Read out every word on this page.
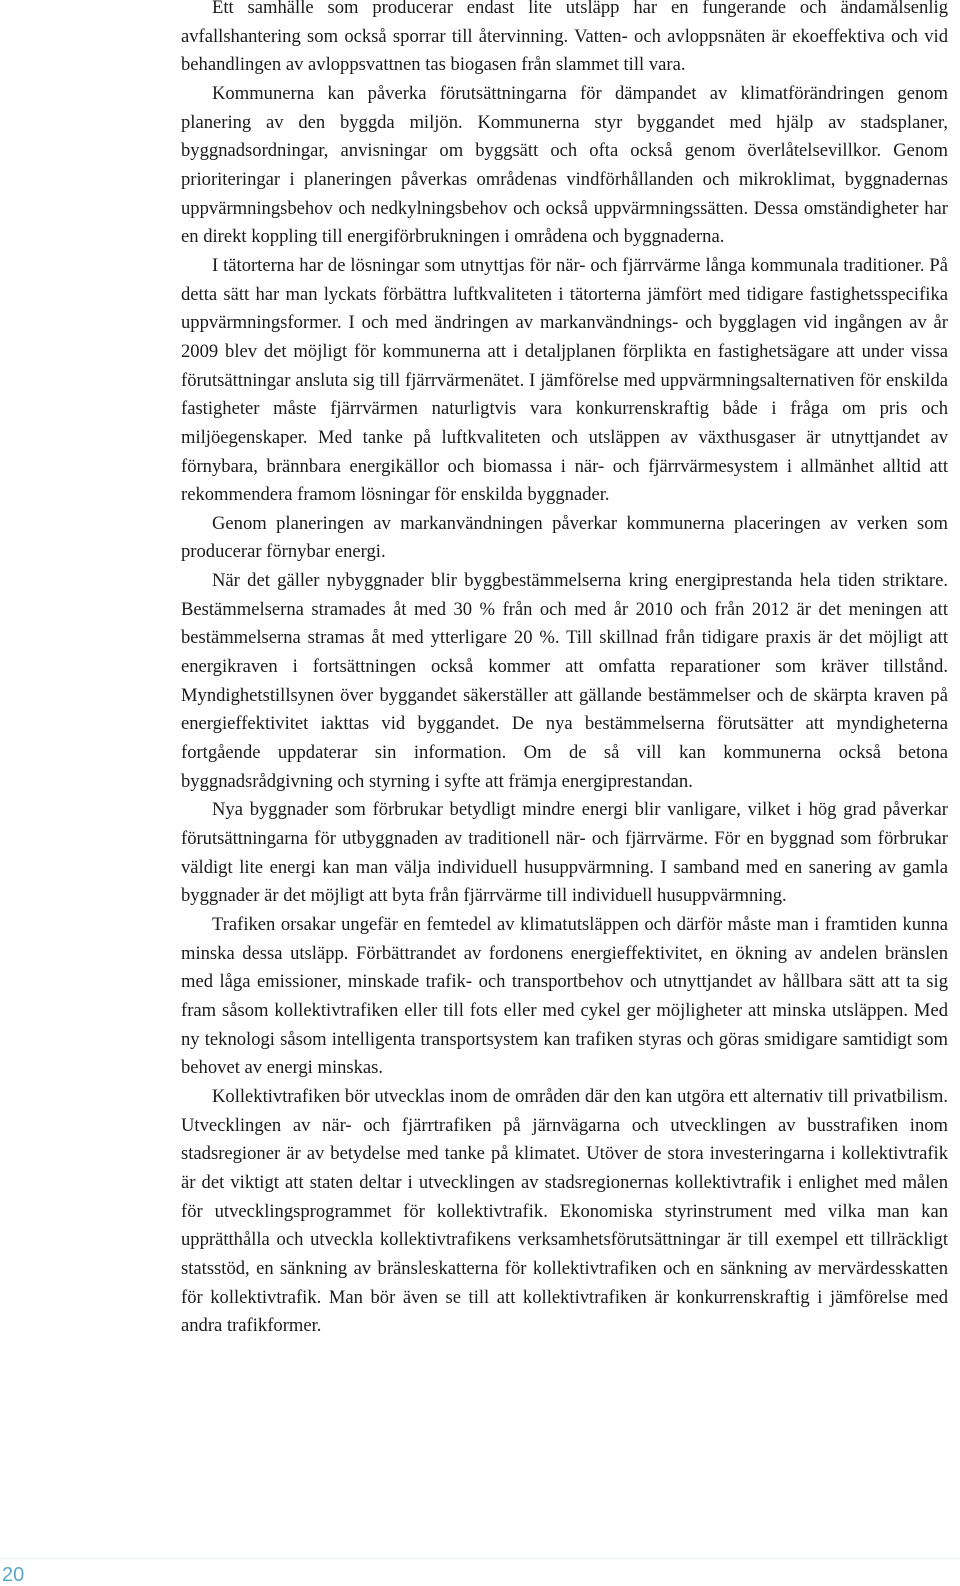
Ett samhälle som producerar endast lite utsläpp har en fungerande och ändamålsenlig avfallshantering som också sporrar till återvinning. Vatten- och avloppsnäten är ekoeffektiva och vid behandlingen av avloppsvattnen tas biogasen från slammet till vara.

Kommunerna kan påverka förutsättningarna för dämpandet av klimatförändringen genom planering av den byggda miljön. Kommunerna styr byggandet med hjälp av stadsplaner, byggnadsordningar, anvisningar om byggsätt och ofta också genom överlåtelsevillkor. Genom prioriteringar i planeringen påverkas områdenas vindförhållanden och mikroklimat, byggnadernas uppvärmningsbehov och nedkylningsbehov och också uppvärmningssätten. Dessa omständigheter har en direkt koppling till energiförbrukningen i områdena och byggnaderna.

I tätorterna har de lösningar som utnyttjas för när- och fjärrvärme långa kommunala traditioner. På detta sätt har man lyckats förbättra luftkvaliteten i tätorterna jämfört med tidigare fastighetsspecifika uppvärmningsformer. I och med ändringen av markanvändnings- och bygglagen vid ingången av år 2009 blev det möjligt för kommunerna att i detaljplanen förplikta en fastighetsägare att under vissa förutsättningar ansluta sig till fjärrvärmenätet. I jämförelse med uppvärmningsalternativen för enskilda fastigheter måste fjärrvärmen naturligtvis vara konkurrenskraftig både i fråga om pris och miljöegenskaper. Med tanke på luftkvaliteten och utsläppen av växthusgaser är utnyttjandet av förnybara, brännbara energikällor och biomassa i när- och fjärrvärmesystem i allmänhet alltid att rekommendera framom lösningar för enskilda byggnader.

Genom planeringen av markanvändningen påverkar kommunerna placeringen av verken som producerar förnybar energi.

När det gäller nybyggnader blir byggbestämmelserna kring energiprestanda hela tiden striktare. Bestämmelserna stramades åt med 30 % från och med år 2010 och från 2012 är det meningen att bestämmelserna stramas åt med ytterligare 20 %. Till skillnad från tidigare praxis är det möjligt att energikraven i fortsättningen också kommer att omfatta reparationer som kräver tillstånd. Myndighetstillsynen över byggandet säkerställer att gällande bestämmelser och de skärpta kraven på energieffektivitet iakttas vid byggandet. De nya bestämmelserna förutsätter att myndigheterna fortgående uppdaterar sin information. Om de så vill kan kommunerna också betona byggnadsrådgivning och styrning i syfte att främja energiprestandan.

Nya byggnader som förbrukar betydligt mindre energi blir vanligare, vilket i hög grad påverkar förutsättningarna för utbyggnaden av traditionell när- och fjärrvärme. För en byggnad som förbrukar väldigt lite energi kan man välja individuell husuppvärmning. I samband med en sanering av gamla byggnader är det möjligt att byta från fjärrvärme till individuell husuppvärmning.

Trafiken orsakar ungefär en femtedel av klimatutsläppen och därför måste man i framtiden kunna minska dessa utsläpp. Förbättrandet av fordonens energieffektivitet, en ökning av andelen bränslen med låga emissioner, minskade trafik- och transportbehov och utnyttjandet av hållbara sätt att ta sig fram såsom kollektivtrafiken eller till fots eller med cykel ger möjligheter att minska utsläppen. Med ny teknologi såsom intelligenta transportsystem kan trafiken styras och göras smidigare samtidigt som behovet av energi minskas.

Kollektivtrafiken bör utvecklas inom de områden där den kan utgöra ett alternativ till privatbilism. Utvecklingen av när- och fjärrtrafiken på järnvägarna och utvecklingen av busstrafiken inom stadsregioner är av betydelse med tanke på klimatet. Utöver de stora investeringarna i kollektivtrafik är det viktigt att staten deltar i utvecklingen av stadsregionernas kollektivtrafik i enlighet med målen för utvecklingsprogrammet för kollektivtrafik. Ekonomiska styrinstrument med vilka man kan upprätthålla och utveckla kollektivtrafikens verksamhetsförutsättningar är till exempel ett tillräckligt statsstöd, en sänkning av bränsleskatterna för kollektivtrafiken och en sänkning av mervärdesskatten för kollektivtrafik. Man bör även se till att kollektivtrafiken är konkurrenskraftig i jämförelse med andra trafikformer.

20
